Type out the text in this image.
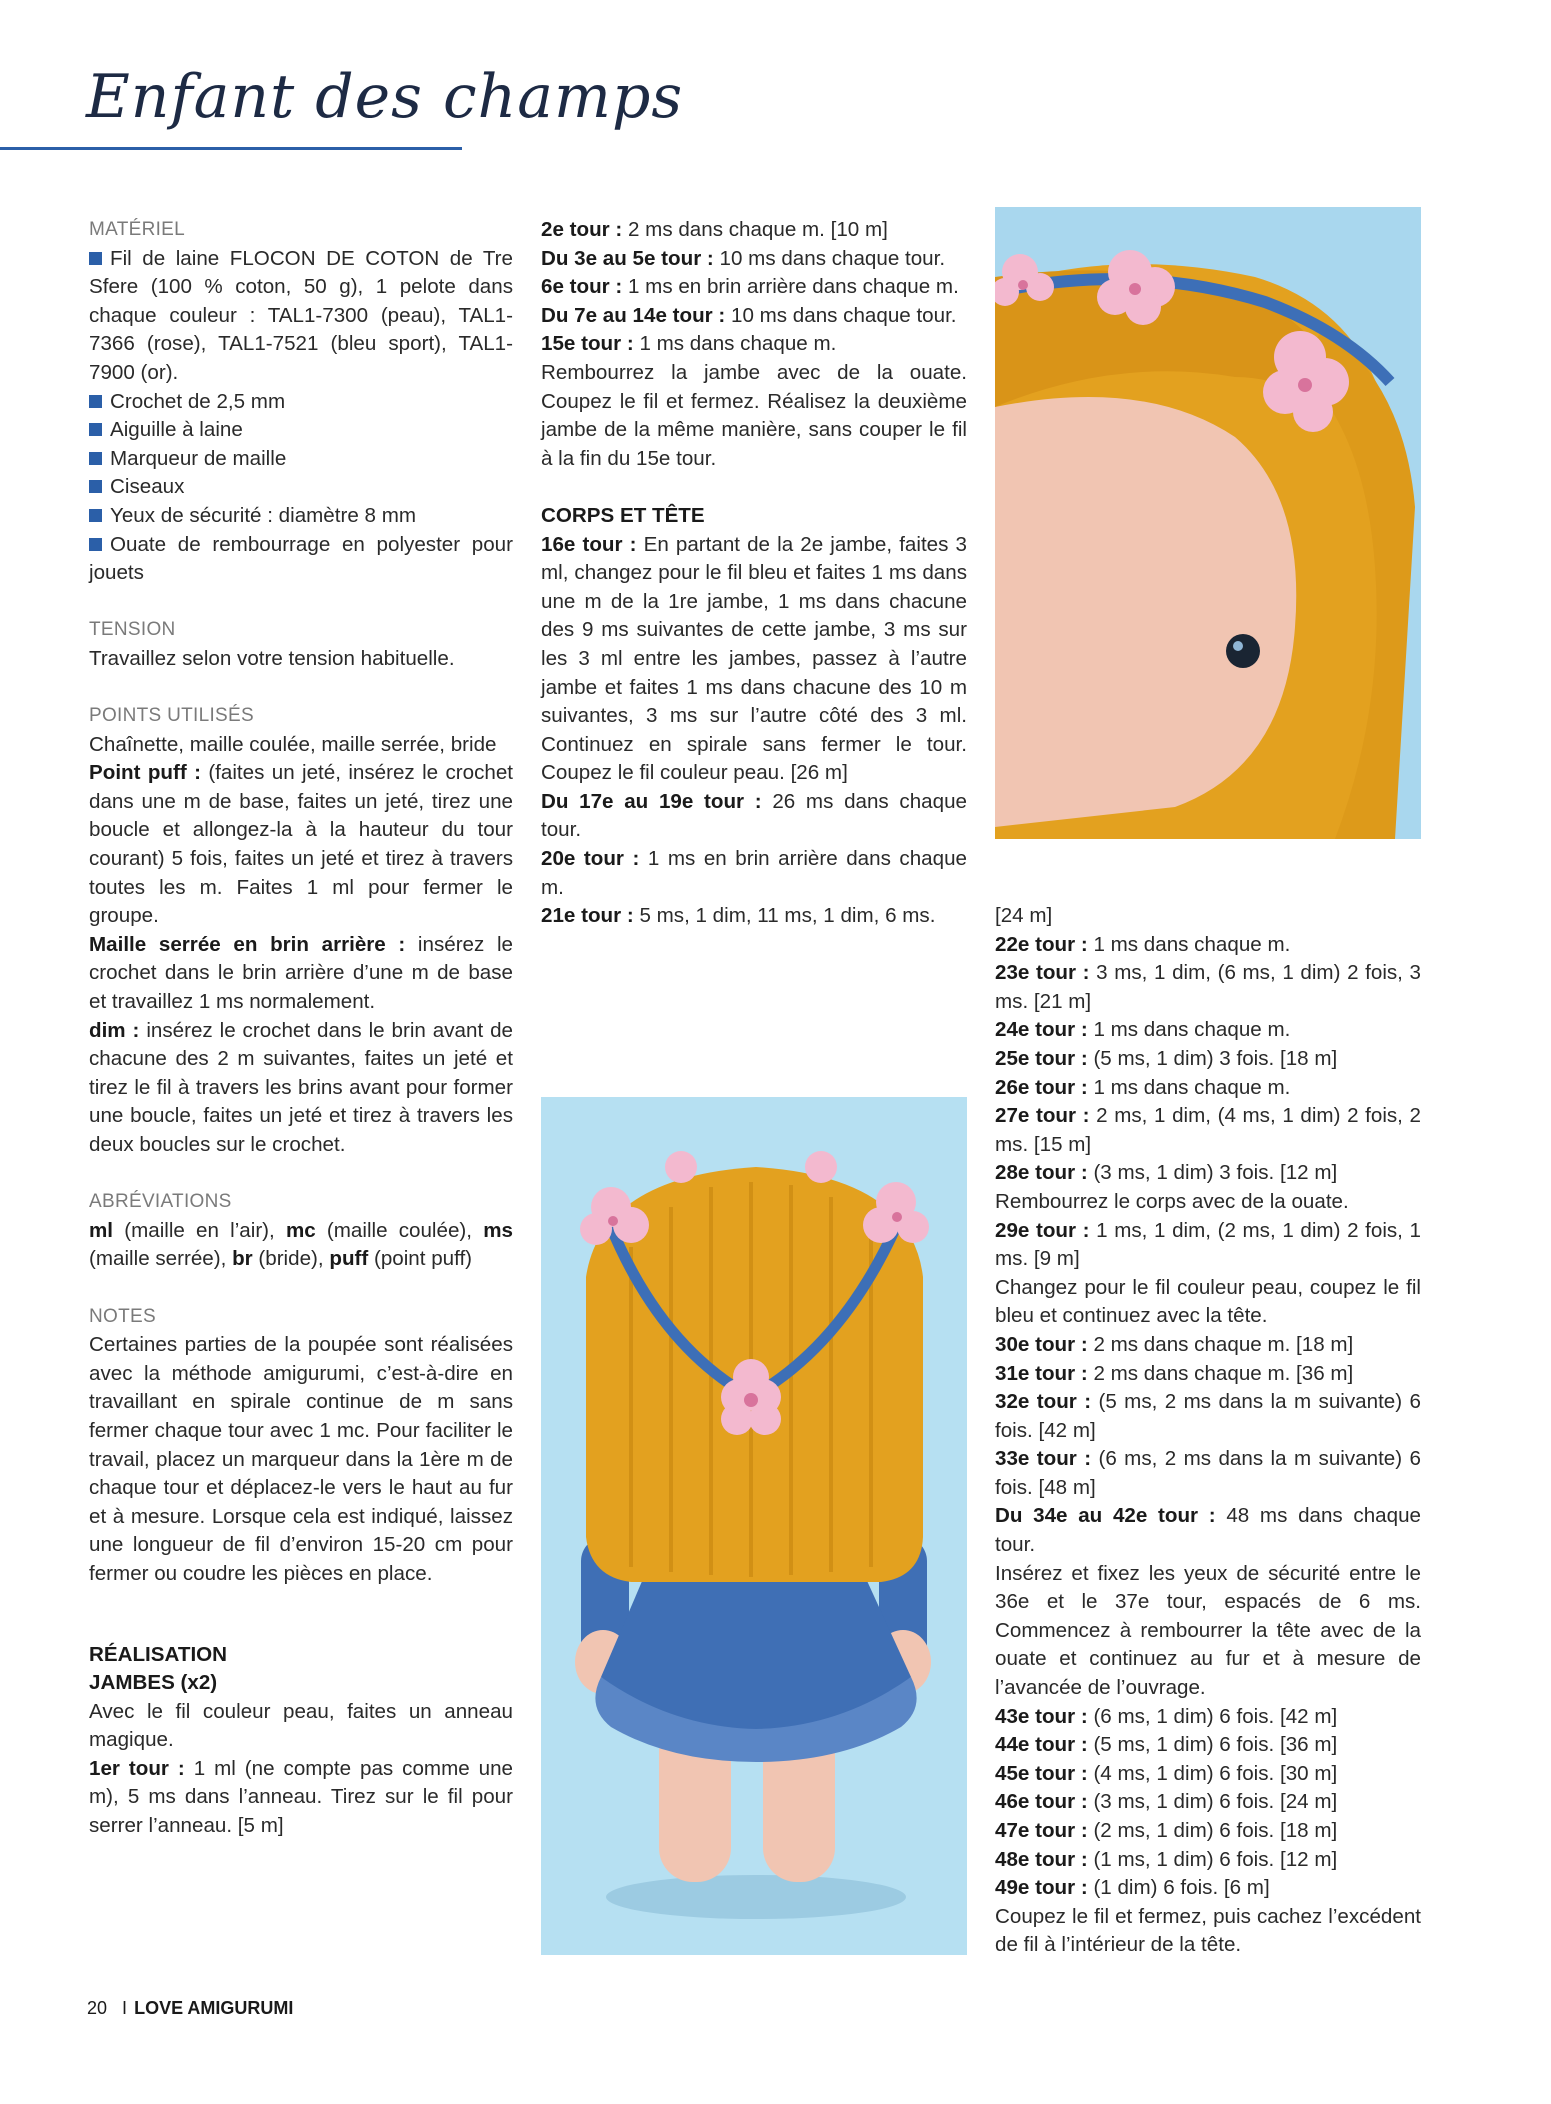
Enfant des champs

MATÉRIEL

Fil de laine FLOCON DE COTON de Tre Sfere (100 % coton, 50 g), 1 pelote dans chaque couleur : TAL1-7300 (peau), TAL1-7366 (rose), TAL1-7521 (bleu sport), TAL1-7900 (or).

Crochet de 2,5 mm

Aiguille à laine

Marqueur de maille

Ciseaux

Yeux de sécurité : diamètre 8 mm

Ouate de rembourrage en polyester pour jouets

TENSION

Travaillez selon votre tension habituelle.

POINTS UTILISÉS

Chaînette, maille coulée, maille serrée, bride

Point puff : (faites un jeté, insérez le crochet dans une m de base, faites un jeté, tirez une boucle et allongez-la à la hauteur du tour courant) 5 fois, faites un jeté et tirez à travers toutes les m. Faites 1 ml pour fermer le groupe.

Maille serrée en brin arrière : insérez le crochet dans le brin arrière d’une m de base et travaillez 1 ms normalement.

dim : insérez le crochet dans le brin avant de chacune des 2 m suivantes, faites un jeté et tirez le fil à travers les brins avant pour former une boucle, faites un jeté et tirez à travers les deux boucles sur le crochet.

ABRÉVIATIONS

ml (maille en l’air), mc (maille coulée), ms (maille serrée), br (bride), puff (point puff)

NOTES

Certaines parties de la poupée sont réalisées avec la méthode amigurumi, c’est-à-dire en travaillant en spirale continue de m sans fermer chaque tour avec 1 mc. Pour faciliter le travail, placez un marqueur dans la 1ère m de chaque tour et déplacez-le vers le haut au fur et à mesure. Lorsque cela est indiqué, laissez une longueur de fil d’environ 15-20 cm pour fermer ou coudre les pièces en place.

RÉALISATION

JAMBES (x2)

Avec le fil couleur peau, faites un anneau magique.

1er tour : 1 ml (ne compte pas comme une m), 5 ms dans l’anneau. Tirez sur le fil pour serrer l’anneau. [5 m]

2e tour : 2 ms dans chaque m. [10 m]

Du 3e au 5e tour : 10 ms dans chaque tour.

6e tour : 1 ms en brin arrière dans chaque m.

Du 7e au 14e tour : 10 ms dans chaque tour.

15e tour : 1 ms dans chaque m.

Rembourrez la jambe avec de la ouate. Coupez le fil et fermez. Réalisez la deuxième jambe de la même manière, sans couper le fil à la fin du 15e tour.

CORPS ET TÊTE

16e tour : En partant de la 2e jambe, faites 3 ml, changez pour le fil bleu et faites 1 ms dans une m de la 1re jambe, 1 ms dans chacune des 9 ms suivantes de cette jambe, 3 ms sur les 3 ml entre les jambes, passez à l’autre jambe et faites 1 ms dans chacune des 10 m suivantes, 3 ms sur l’autre côté des 3 ml. Continuez en spirale sans fermer le tour. Coupez le fil couleur peau. [26 m]

Du 17e au 19e tour : 26 ms dans chaque tour.

20e tour : 1 ms en brin arrière dans chaque m.

21e tour : 5 ms, 1 dim, 11 ms, 1 dim, 6 ms.	[24 m]

22e tour : 1 ms dans chaque m.

23e tour : 3 ms, 1 dim, (6 ms, 1 dim) 2 fois, 3 ms. [21 m]

24e tour : 1 ms dans chaque m.

25e tour : (5 ms, 1 dim) 3 fois. [18 m]

26e tour : 1 ms dans chaque m.

27e tour : 2 ms, 1 dim, (4 ms, 1 dim) 2 fois, 2 ms. [15 m]

28e tour : (3 ms, 1 dim) 3 fois. [12 m]

Rembourrez le corps avec de la ouate.

29e tour : 1 ms, 1 dim, (2 ms, 1 dim) 2 fois, 1 ms. [9 m]

Changez pour le fil couleur peau, coupez le fil bleu et continuez avec la tête.

30e tour : 2 ms dans chaque m. [18 m]

31e tour : 2 ms dans chaque m. [36 m]

32e tour : (5 ms, 2 ms dans la m suivante) 6 fois. [42 m]

33e tour : (6 ms, 2 ms dans la m suivante) 6 fois. [48 m]

Du 34e au 42e tour : 48 ms dans chaque tour.

Insérez et fixez les yeux de sécurité entre le 36e et le 37e tour, espacés de 6 ms. Commencez à rembourrer la tête avec de la ouate et continuez au fur et à mesure de l’avancée de l’ouvrage.

43e tour : (6 ms, 1 dim) 6 fois. [42 m]

44e tour : (5 ms, 1 dim) 6 fois. [36 m]

45e tour : (4 ms, 1 dim) 6 fois. [30 m]

46e tour : (3 ms, 1 dim) 6 fois. [24 m]

47e tour : (2 ms, 1 dim) 6 fois. [18 m]

48e tour : (1 ms, 1 dim) 6 fois. [12 m]

49e tour : (1 dim) 6 fois. [6 m]

Coupez le fil et fermez, puis cachez l’excédent de fil à l’intérieur de la tête.

20 I LOVE AMIGURUMI
